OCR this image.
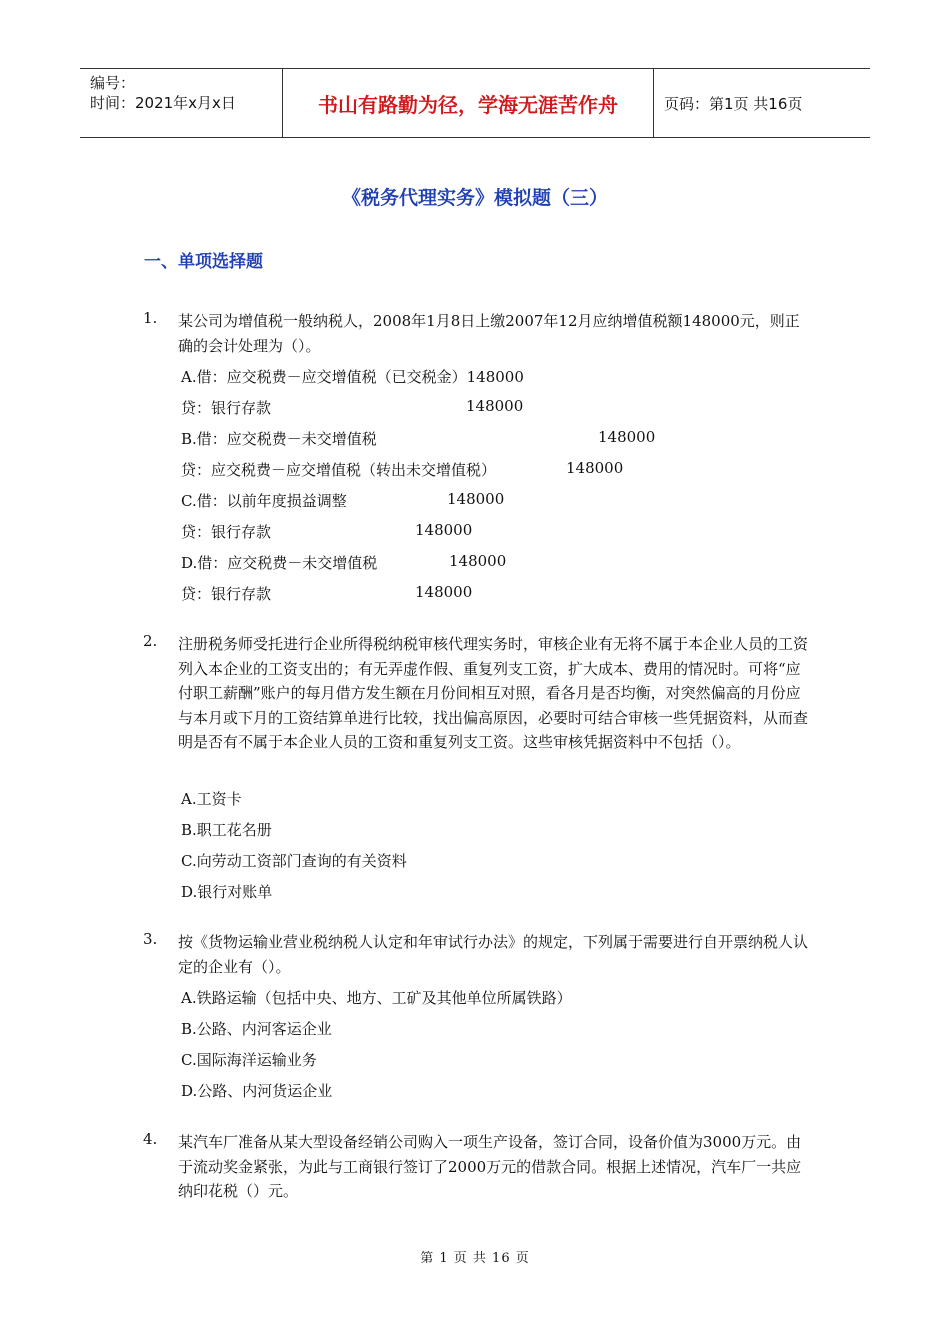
编号：
时间：2021年x月x日	书山有路勤为径，学海无涯苦作舟	页码：第1页 共16页
《税务代理实务》模拟题（三）
一、单项选择题
1. 某公司为增值税一般纳税人，2008年1月8日上缴2007年12月应纳增值税额148000元，则正确的会计处理为（）。
A.借：应交税费－应交增值税（已交税金）148000
贷：银行存款	148000
B.借：应交税费－未交增值税	148000
贷：应交税费－应交增值税（转出未交增值税）	148000
C.借：以前年度损益调整	148000
贷：银行存款	148000
D.借：应交税费－未交增值税	148000
贷：银行存款	148000
2. 注册税务师受托进行企业所得税纳税审核代理实务时，审核企业有无将不属于本企业人员的工资列入本企业的工资支出的；有无弄虚作假、重复列支工资，扩大成本、费用的情况时。可将“应付职工薪酬”账户的每月借方发生额在月份间相互对照，看各月是否均衡，对突然偏高的月份应与本月或下月的工资结算单进行比较，找出偏高原因，必要时可结合审核一些凭据资料，从而查明是否有不属于本企业人员的工资和重复列支工资。这些审核凭据资料中不包括（）。
A.工资卡
B.职工花名册
C.向劳动工资部门查询的有关资料
D.银行对账单
3. 按《货物运输业营业税纳税人认定和年审试行办法》的规定，下列属于需要进行自开票纳税人认定的企业有（）。
A.铁路运输（包括中央、地方、工矿及其他单位所属铁路）
B.公路、内河客运企业
C.国际海洋运输业务
D.公路、内河货运企业
4. 某汽车厂准备从某大型设备经销公司购入一项生产设备，签订合同，设备价值为3000万元。由于流动奖金紧张，为此与工商银行签订了2000万元的借款合同。根据上述情况，汽车厂一共应纳印花税（）元。
第 1 页 共 16 页
